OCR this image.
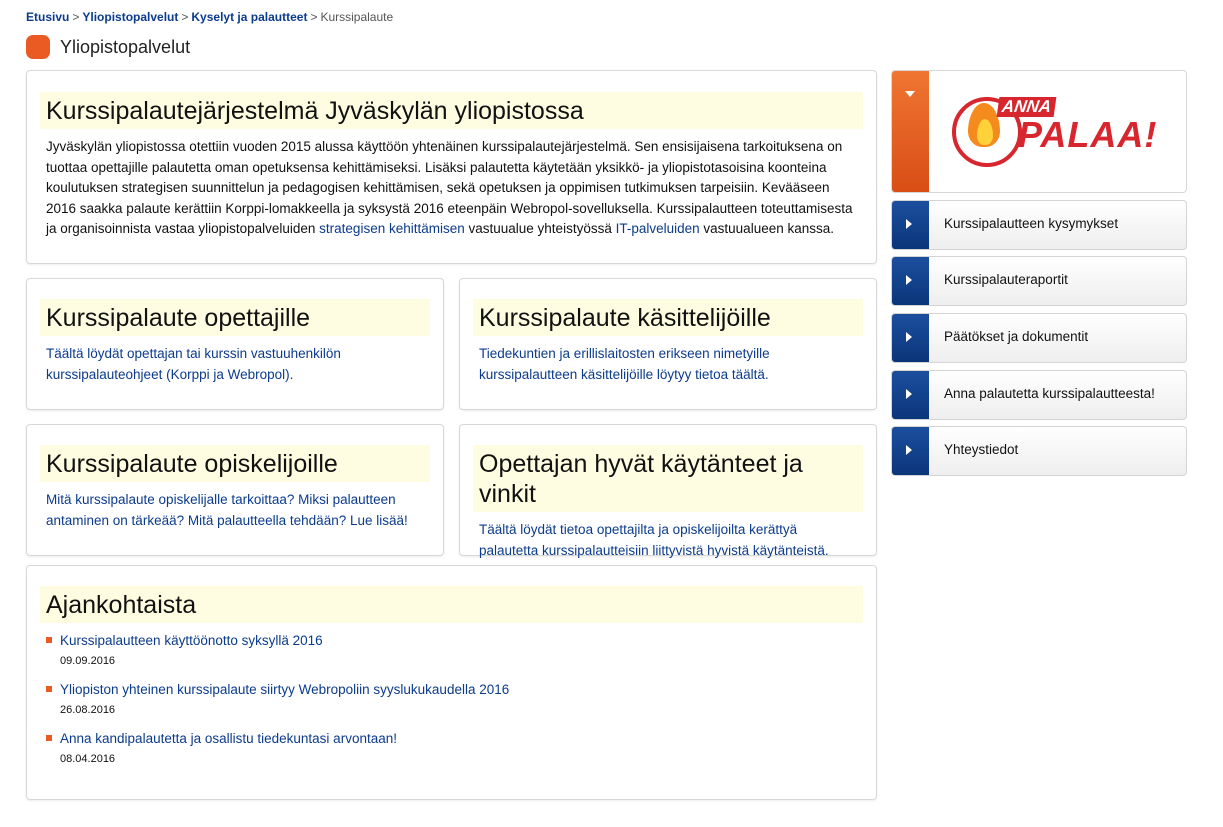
Etusivu > Yliopistopalvelut > Kyselyt ja palautteet > Kurssipalaute
Yliopistopalvelut
Kurssipalautejärjestelmä Jyväskylän yliopistossa

Jyväskylän yliopistossa otettiin vuoden 2015 alussa käyttöön yhtenäinen kurssipalautejärjestelmä. Sen ensisijaisena tarkoituksena on tuottaa opettajille palautetta oman opetuksensa kehittämiseksi. Lisäksi palautetta käytetään yksikkö- ja yliopistotasoisina koonteina koulutuksen strategisen suunnittelun ja pedagogisen kehittämisen, sekä opetuksen ja oppimisen tutkimuksen tarpeisiin. Kevääseen 2016 saakka palaute kerättiin Korppi-lomakkeella ja syksystä 2016 eteenpäin Webropol-sovelluksella. Kurssipalautteen toteuttamisesta ja organisoinnista vastaa yliopistopalveluiden strategisen kehittämisen vastuualue yhteistyössä IT-palveluiden vastuualueen kanssa.

Kurssipalaute opettajille
Täältä löydät opettajan tai kurssin vastuuhenkilön kurssipalauteohjeet (Korppi ja Webropol).
Kurssipalaute käsittelijöille
Tiedekuntien ja erillislaitosten erikseen nimetyille kurssipalautteen käsittelijöille löytyy tietoa täältä.
Kurssipalaute opiskelijoille
Mitä kurssipalaute opiskelijalle tarkoittaa? Miksi palautteen antaminen on tärkeää? Mitä palautteella tehdään? Lue lisää!
Opettajan hyvät käytänteet ja vinkit
Täältä löydät tietoa opettajilta ja opiskelijoilta kerättyä palautetta kurssipalautteisiin liittyvistä hyvistä käytänteistä.
Ajankohtaista
Kurssipalautteen käyttöönotto syksyllä 2016
09.09.2016
Yliopiston yhteinen kurssipalaute siirtyy Webropoliin syyslukukaudella 2016
26.08.2016
Anna kandipalautetta ja osallistu tiedekuntasi arvontaan!
08.04.2016
ANNA
PALAA!
Kurssipalautteen kysymykset
Kurssipalauteraportit
Päätökset ja dokumentit
Anna palautetta kurssipalautteesta!
Yhteystiedot
